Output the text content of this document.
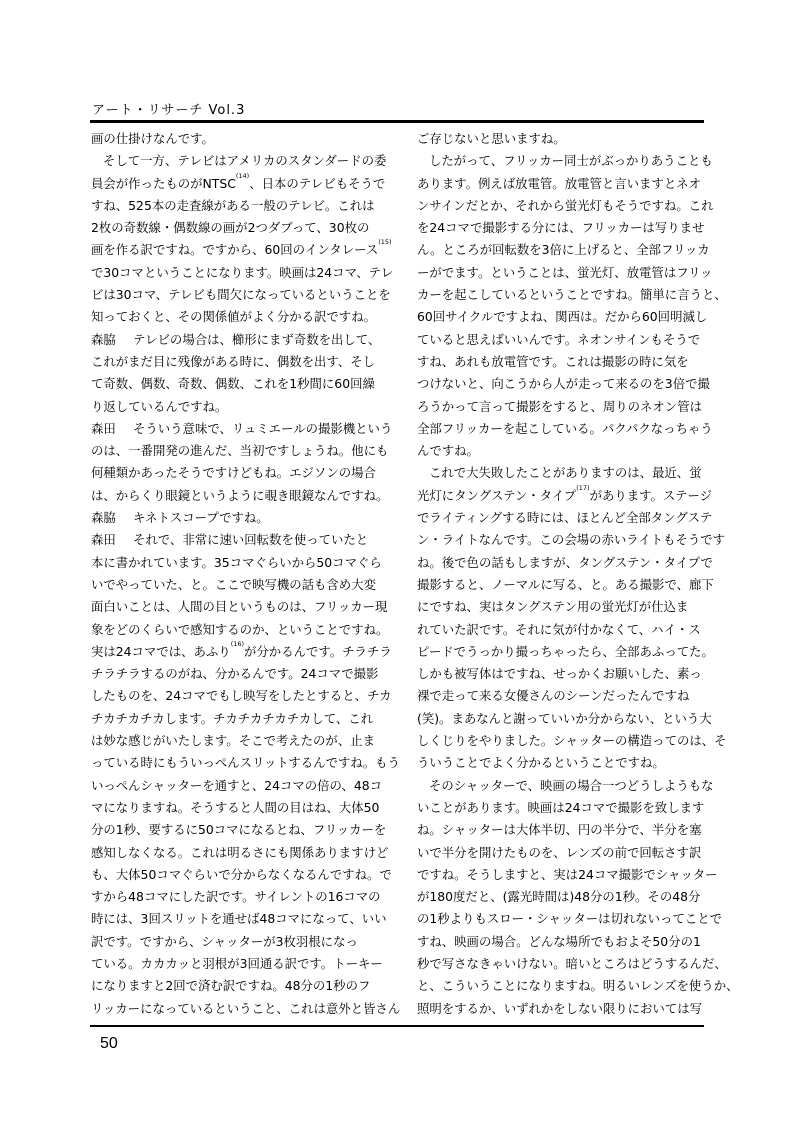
アート・リサーチ Vol.3
画の仕掛けなんです。
そして一方、テレビはアメリカのスタンダードの委
員会が作ったものがNTSC$^{(14)}$、日本のテレビもそうで
すね、525本の走査線がある一般のテレビ。これは
2枚の奇数線・偶数線の画が2つダブって、30枚の
画を作る訳ですね。ですから、60回のインタレース$^{(15)}$
で30コマということになります。映画は24コマ、テレ
ビは30コマ、テレビも間欠になっているということを
知っておくと、その関係値がよく分かる訳ですね。
森脇 テレビの場合は、櫛形にまず奇数を出して、
これがまだ目に残像がある時に、偶数を出す、そし
て奇数、偶数、奇数、偶数、これを1秒間に60回繰
り返しているんですね。
森田 そういう意味で、リュミエールの撮影機という
のは、一番開発の進んだ、当初ですしょうね。他にも
何種類かあったそうですけどもね。エジソンの場合
は、からくり眼鏡というように覗き眼鏡なんですね。
森脇 キネトスコープですね。
森田 それで、非常に速い回転数を使っていたと
本に書かれています。35コマぐらいから50コマぐら
いでやっていた、と。ここで映写機の話も含め大変
面白いことは、人間の目というものは、フリッカー現
象をどのくらいで感知するのか、ということですね。
実は24コマでは、あふり$^{(16)}$が分かるんです。チラチラ
チラチラするのがね、分かるんです。24コマで撮影
したものを、24コマでもし映写をしたとすると、チカ
チカチカチカします。チカチカチカチカして、これ
は妙な感じがいたします。そこで考えたのが、止ま
っている時にもういっぺんスリットするんですね。もう
いっぺんシャッターを通すと、24コマの倍の、48コ
マになりますね。そうすると人間の目はね、大体50
分の1秒、要するに50コマになるとね、フリッカーを
感知しなくなる。これは明るさにも関係ありますけど
も、大体50コマぐらいで分からなくなるんですね。で
すから48コマにした訳です。サイレントの16コマの
時には、3回スリットを通せば48コマになって、いい
訳です。ですから、シャッターが3枚羽根になっ
ている。カカカッと羽根が3回通る訳です。トーキー
になりますと2回で済む訳ですね。48分の1秒のフ
リッカーになっているということ、これは意外と皆さん
ご存じないと思いますね。
したがって、フリッカー同士がぶっかりあうことも
あります。例えば放電管。放電管と言いますとネオ
ンサインだとか、それから蛍光灯もそうですね。これ
を24コマで撮影する分には、フリッカーは写りませ
ん。ところが回転数を3倍に上げると、全部フリッカ
ーがでます。ということは、蛍光灯、放電管はフリッ
カーを起こしているということですね。簡単に言うと、
60回サイクルですよね、関西は。だから60回明滅し
ていると思えばいいんです。ネオンサインもそうで
すね、あれも放電管です。これは撮影の時に気を
つけないと、向こうから人が走って来るのを3倍で撮
ろうかって言って撮影をすると、周りのネオン管は
全部フリッカーを起こしている。パクパクなっちゃう
んですね。
これで大失敗したことがありますのは、最近、蛍
光灯にタングステン・タイプ$^{(17)}$があります。ステージ
でライティングする時には、ほとんど全部タングステ
ン・ライトなんです。この会場の赤いライトもそうです
ね。後で色の話もしますが、タングステン・タイプで
撮影すると、ノーマルに写る、と。ある撮影で、廊下
にですね、実はタングステン用の蛍光灯が仕込ま
れていた訳です。それに気が付かなくて、ハイ・ス
ピードでうっかり撮っちゃったら、全部あふってた。
しかも被写体はですね、せっかくお願いした、素っ
裸で走って来る女優さんのシーンだったんですね
(笑)。まあなんと謝っていいか分からない、という大
しくじりをやりました。シャッターの構造ってのは、そ
ういうことでよく分かるということですね。
そのシャッターで、映画の場合一つどうしようもな
いことがあります。映画は24コマで撮影を致します
ね。シャッターは大体半切、円の半分で、半分を塞
いで半分を開けたものを、レンズの前で回転さす訳
ですね。そうしますと、実は24コマ撮影でシャッター
が180度だと、(露光時間は)48分の1秒。その48分
の1秒よりもスロー・シャッターは切れないってことで
すね、映画の場合。どんな場所でもおよそ50分の1
秒で写さなきゃいけない。暗いところはどうするんだ、
と、こういうことになりますね。明るいレンズを使うか、
照明をするか、いずれかをしない限りにおいては写
50
